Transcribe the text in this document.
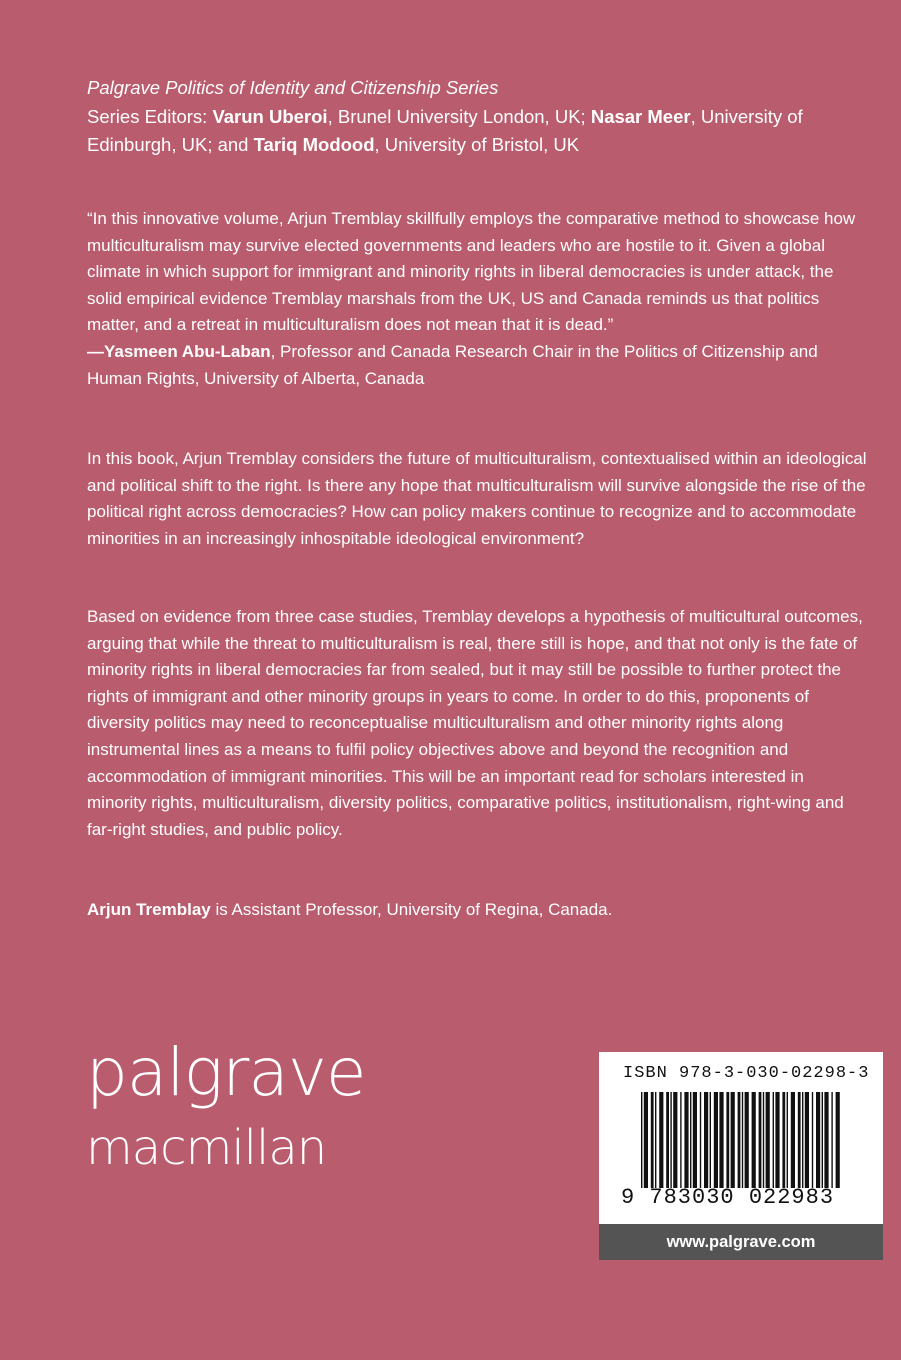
Palgrave Politics of Identity and Citizenship Series
Series Editors: Varun Uberoi, Brunel University London, UK; Nasar Meer, University of Edinburgh, UK; and Tariq Modood, University of Bristol, UK

“In this innovative volume, Arjun Tremblay skillfully employs the comparative method to showcase how multiculturalism may survive elected governments and leaders who are hostile to it. Given a global climate in which support for immigrant and minority rights in liberal democracies is under attack, the solid empirical evidence Tremblay marshals from the UK, US and Canada reminds us that politics matter, and a retreat in multiculturalism does not mean that it is dead.”

—Yasmeen Abu-Laban, Professor and Canada Research Chair in the Politics of Citizenship and Human Rights, University of Alberta, Canada

In this book, Arjun Tremblay considers the future of multiculturalism, contextualised within an ideological and political shift to the right. Is there any hope that multiculturalism will survive alongside the rise of the political right across democracies? How can policy makers continue to recognize and to accommodate minorities in an increasingly inhospitable ideological environment?

Based on evidence from three case studies, Tremblay develops a hypothesis of multicultural outcomes, arguing that while the threat to multiculturalism is real, there still is hope, and that not only is the fate of minority rights in liberal democracies far from sealed, but it may still be possible to further protect the rights of immigrant and other minority groups in years to come. In order to do this, proponents of diversity politics may need to reconceptualise multiculturalism and other minority rights along instrumental lines as a means to fulfil policy objectives above and beyond the recognition and accommodation of immigrant minorities. This will be an important read for scholars interested in minority rights, multiculturalism, diversity politics, comparative politics, institutionalism, right-wing and far-right studies, and public policy.

Arjun Tremblay is Assistant Professor, University of Regina, Canada.

palgrave
macmillan
ISBN 978-3-030-02298-3
9 783030 022983
www.palgrave.com
